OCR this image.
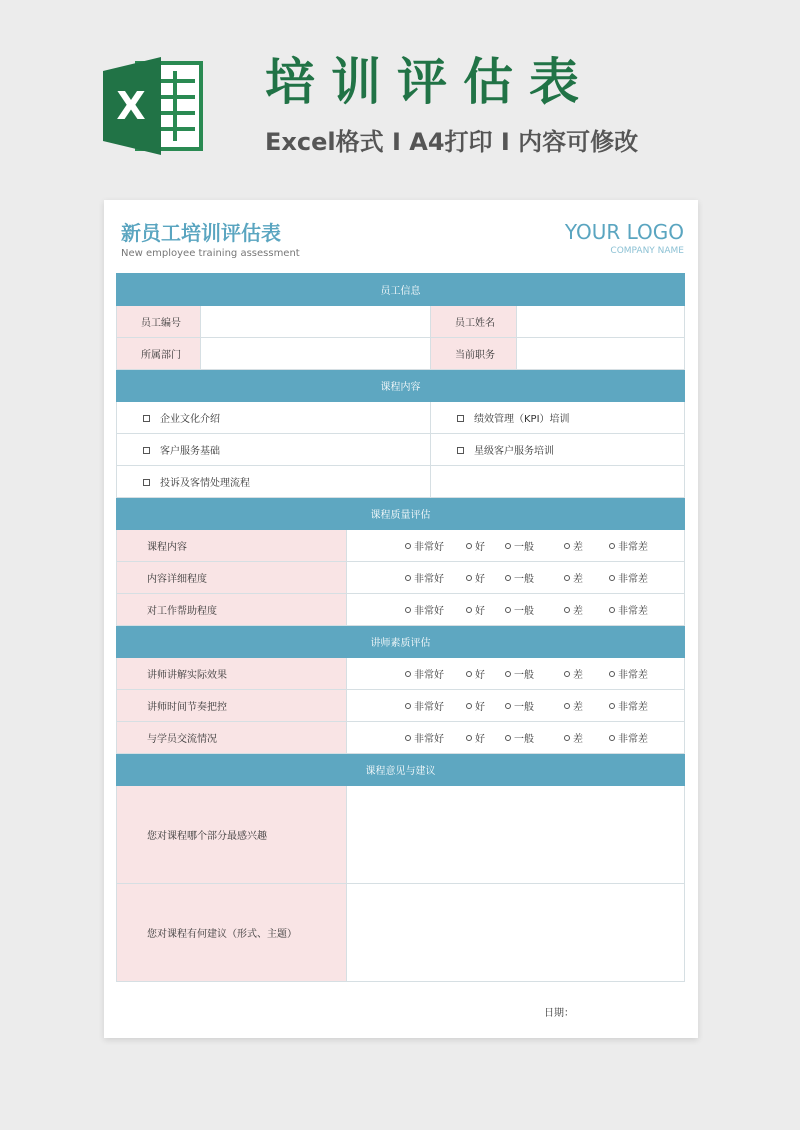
X 培训评估表
Excel格式 I A4打印 I 内容可修改
新员工培训评估表
New employee training assessment
YOUR LOGO
COMPANY NAME
员工信息				
员工编号			员工姓名	
所属部门			当前职务	
课程内容				
企业文化介绍			绩效管理（KPI）培训	
客户服务基础			星级客户服务培训	
投诉及客情处理流程				
课程质量评估				
课程内容		非常好 好 一般 差 非常差		
内容详细程度		非常好 好 一般 差 非常差		
对工作帮助程度		非常好 好 一般 差 非常差		
讲师素质评估				
讲师讲解实际效果		非常好 好 一般 差 非常差		
讲师时间节奏把控		非常好 好 一般 差 非常差		
与学员交流情况		非常好 好 一般 差 非常差		
课程意见与建议				
您对课程哪个部分最感兴趣				
您对课程有何建议（形式、主题）				
日期：
